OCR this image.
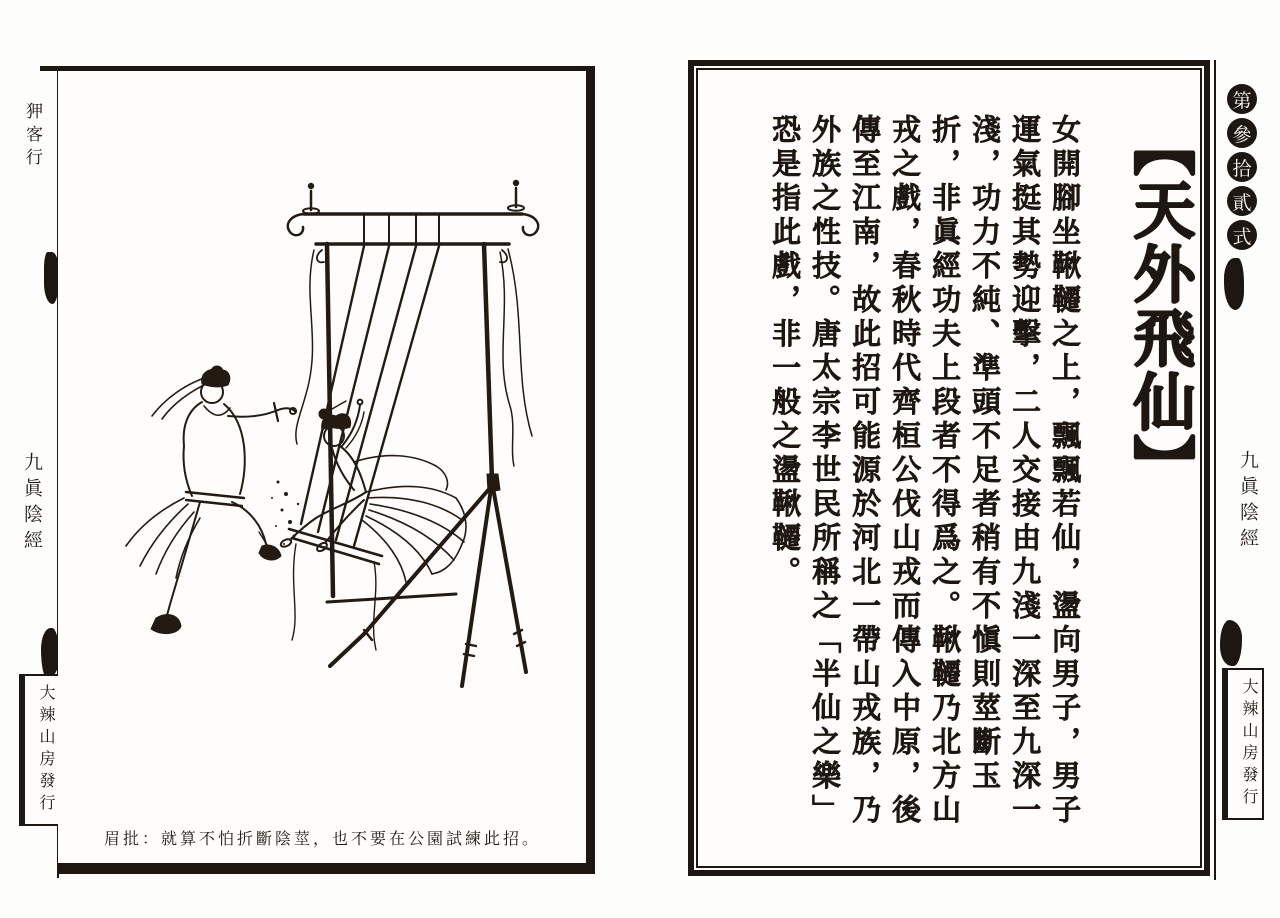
狎客行
九眞陰經
大辣山房發行
眉批：就算不怕折斷陰莖，也不要在公園試練此招。
【天外飛仙】
女開腳坐鞦韆之上，飄飄若仙，盪向男子，男子
運氣挺其勢迎擊，二人交接由九淺一深至九深一
淺，功力不純、準頭不足者稍有不愼則莖斷玉
折，非眞經功夫上段者不得爲之。鞦韆乃北方山
戎之戲，春秋時代齊桓公伐山戎而傳入中原，後
傳至江南，故此招可能源於河北一帶山戎族，乃
外族之性技。唐太宗李世民所稱之「半仙之樂」
恐是指此戲，非一般之盪鞦韆。
第
參
拾
貳
式
九眞陰經
大辣山房發行
